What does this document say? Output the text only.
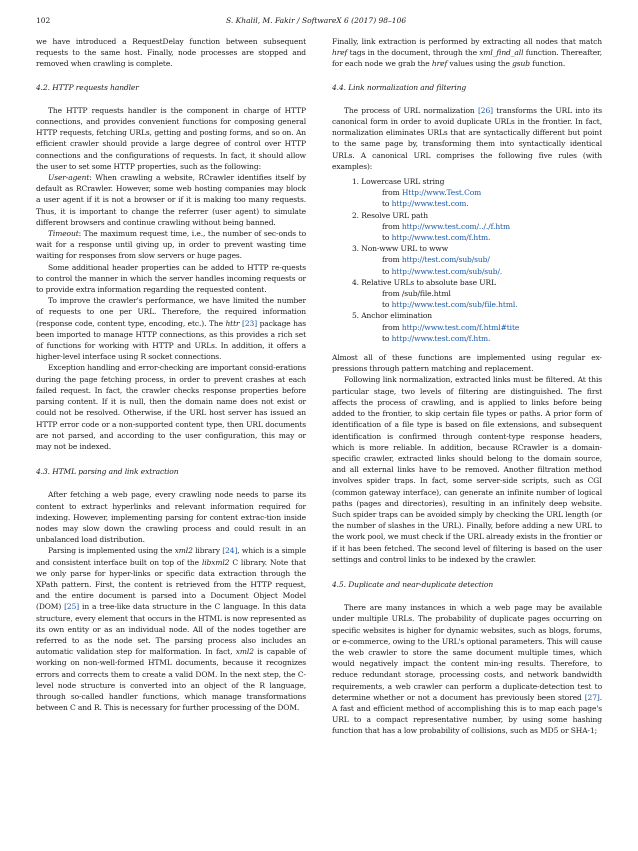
102	S. Khalil, M. Fakir / SoftwareX 6 (2017) 98–106

we have introduced a RequestDelay function between subsequent requests to the same host. Finally, node processes are stopped and removed when crawling is complete.

4.2. HTTP requests handler

The HTTP requests handler is the component in charge of HTTP connections, and provides convenient functions for composing general HTTP requests, fetching URLs, getting and posting forms, and so on. An efficient crawler should provide a large degree of control over HTTP connections and the configurations of requests. In fact, it should allow the user to set some HTTP properties, such as the following:

User-agent: When crawling a website, RCrawler identifies itself by default as RCrawler. However, some web hosting companies may block a user agent if it is not a browser or if it is making too many requests. Thus, it is important to change the referrer (user agent) to simulate different browsers and continue crawling without being banned.

Timeout: The maximum request time, i.e., the number of sec-onds to wait for a response until giving up, in order to prevent wasting time waiting for responses from slow servers or huge pages.

Some additional header properties can be added to HTTP re-quests to control the manner in which the server handles incoming requests or to provide extra information regarding the requested content.

To improve the crawler's performance, we have limited the number of requests to one per URL. Therefore, the required information (response code, content type, encoding, etc.). The httr [23] package has been imported to manage HTTP connections, as this provides a rich set of functions for working with HTTP and URLs. In addition, it offers a higher-level interface using R socket connections.

Exception handling and error-checking are important consid-erations during the page fetching process, in order to prevent crashes at each failed request. In fact, the crawler checks response properties before parsing content. If it is null, then the domain name does not exist or could not be resolved. Otherwise, if the URL host server has issued an HTTP error code or a non-supported content type, then URL documents are not parsed, and according to the user configuration, this may or may not be indexed.

4.3. HTML parsing and link extraction

After fetching a web page, every crawling node needs to parse its content to extract hyperlinks and relevant information required for indexing. However, implementing parsing for content extrac-tion inside nodes may slow down the crawling process and could result in an unbalanced load distribution.

Parsing is implemented using the xml2 library [24], which is a simple and consistent interface built on top of the libxml2 C library. Note that we only parse for hyper-links or specific data extraction through the XPath pattern. First, the content is retrieved from the HTTP request, and the entire document is parsed into a Document Object Model (DOM) [25] in a tree-like data structure in the C language. In this data structure, every element that occurs in the HTML is now represented as its own entity or as an individual node. All of the nodes together are referred to as the node set. The parsing process also includes an automatic validation step for malformation. In fact, xml2 is capable of working on non-well-formed HTML documents, because it recognizes errors and corrects them to create a valid DOM. In the next step, the C-level node structure is converted into an object of the R language, through so-called handler functions, which manage transformations between C and R. This is necessary for further processing of the DOM.

Finally, link extraction is performed by extracting all nodes that match href tags in the document, through the xml_find_all function. Thereafter, for each node we grab the href values using the gsub function.

4.4. Link normalization and filtering

The process of URL normalization [26] transforms the URL into its canonical form in order to avoid duplicate URLs in the frontier. In fact, normalization eliminates URLs that are syntactically different but point to the same page by, transforming them into syntactically identical URLs. A canonical URL comprises the following five rules (with examples):

1. Lowercase URL string
from Http://www.Test.Com
to http://www.test.com.
2. Resolve URL path
from http://www.test.com/.././f.htm
to http://www.test.com/f.htm.
3. Non-www URL to www
from http://test.com/sub/sub/
to http://www.test.com/sub/sub/.
4. Relative URLs to absolute base URL
from /sub/file.html
to http://www.test.com/sub/file.html.
5. Anchor elimination
from http://www.test.com/f.html#tite
to http://www.test.com/f.htm.

Almost all of these functions are implemented using regular ex-pressions through pattern matching and replacement.

Following link normalization, extracted links must be filtered. At this particular stage, two levels of filtering are distinguished. The first affects the process of crawling, and is applied to links before being added to the frontier, to skip certain file types or paths. A prior form of identification of a file type is based on file extensions, and subsequent identification is confirmed through content-type response headers, which is more reliable. In addition, because RCrawler is a domain-specific crawler, extracted links should belong to the domain source, and all external links have to be removed. Another filtration method involves spider traps. In fact, some server-side scripts, such as CGI (common gateway interface), can generate an infinite number of logical paths (pages and directories), resulting in an infinitely deep website. Such spider traps can be avoided simply by checking the URL length (or the number of slashes in the URL). Finally, before adding a new URL to the work pool, we must check if the URL already exists in the frontier or if it has been fetched. The second level of filtering is based on the user settings and control links to be indexed by the crawler.

4.5. Duplicate and near-duplicate detection

There are many instances in which a web page may be available under multiple URLs. The probability of duplicate pages occurring on specific websites is higher for dynamic websites, such as blogs, forums, or e-commerce, owing to the URL's optional parameters. This will cause the web crawler to store the same document multiple times, which would negatively impact the content min-ing results. Therefore, to reduce redundant storage, processing costs, and network bandwidth requirements, a web crawler can perform a duplicate-detection test to determine whether or not a document has previously been stored [27]. A fast and efficient method of accomplishing this is to map each page's URL to a compact representative number, by using some hashing function that has a low probability of collisions, such as MD5 or SHA-1;
